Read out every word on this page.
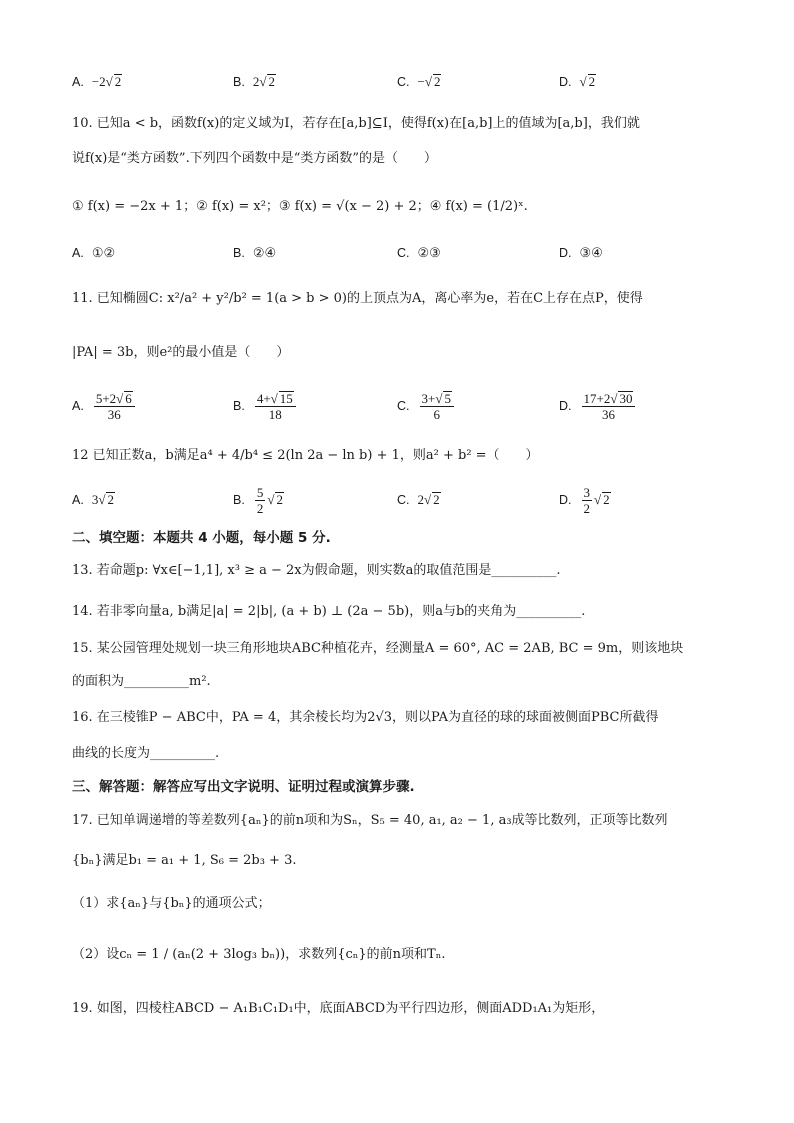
A. −2√ 2	B. 2√ 2	C. −√ 2	D. √ 2
10. 已知a < b，函数f(x)的定义域为I，若存在[a,b]⊆I，使得f(x)在[a,b]上的值域为[a,b]，我们就
说f(x)是“类方函数”.下列四个函数中是“类方函数”的是（　　）
① f(x) = −2x + 1；② f(x) = x²；③ f(x) = √(x − 2) + 2；④ f(x) = (1/2)ˣ.
A. ①②	B. ②④	C. ②③	D. ③④
11. 已知椭圆C: x²/a² + y²/b² = 1(a > b > 0)的上顶点为A，离心率为e，若在C上存在点P，使得
|PA| = 3b，则e²的最小值是（　　）
A. $\frac{5+2√ 6}{36}$	B. $\frac{4+√ 15}{18}$	C. $\frac{3+√ 5}{6}$	D. $\frac{17+2√ 30}{36}$
12 已知正数a，b满足a⁴ + 4/b⁴ ≤ 2(ln 2a − ln b) + 1，则a² + b² =（　　）
A. 3√ 2	B. $\frac{5}{2}$ √ 2	C. 2√ 2	D. $\frac{3}{2}$ √ 2
二、填空题：本题共 4 小题，每小题 5 分.
13. 若命题p: ∀x∈[−1,1], x³ ≥ a − 2x为假命题，则实数a的取值范围是__________.
14. 若非零向量a, b满足|a| = 2|b|, (a + b) ⊥ (2a − 5b)，则a与b的夹角为__________.
15. 某公园管理处规划一块三角形地块ABC种植花卉，经测量A = 60°, AC = 2AB, BC = 9m，则该地块
的面积为__________m².
16. 在三棱锥P − ABC中，PA = 4，其余棱长均为2√3，则以PA为直径的球的球面被侧面PBC所截得
曲线的长度为__________.
三、解答题：解答应写出文字说明、证明过程或演算步骤.
17. 已知单调递增的等差数列{aₙ}的前n项和为Sₙ，S₅ = 40, a₁, a₂ − 1, a₃成等比数列，正项等比数列
{bₙ}满足b₁ = a₁ + 1, S₆ = 2b₃ + 3.
（1）求{aₙ}与{bₙ}的通项公式；
（2）设cₙ = 1 / (aₙ(2 + 3log₃ bₙ))，求数列{cₙ}的前n项和Tₙ.
19. 如图，四棱柱ABCD − A₁B₁C₁D₁中，底面ABCD为平行四边形，侧面ADD₁A₁为矩形，
